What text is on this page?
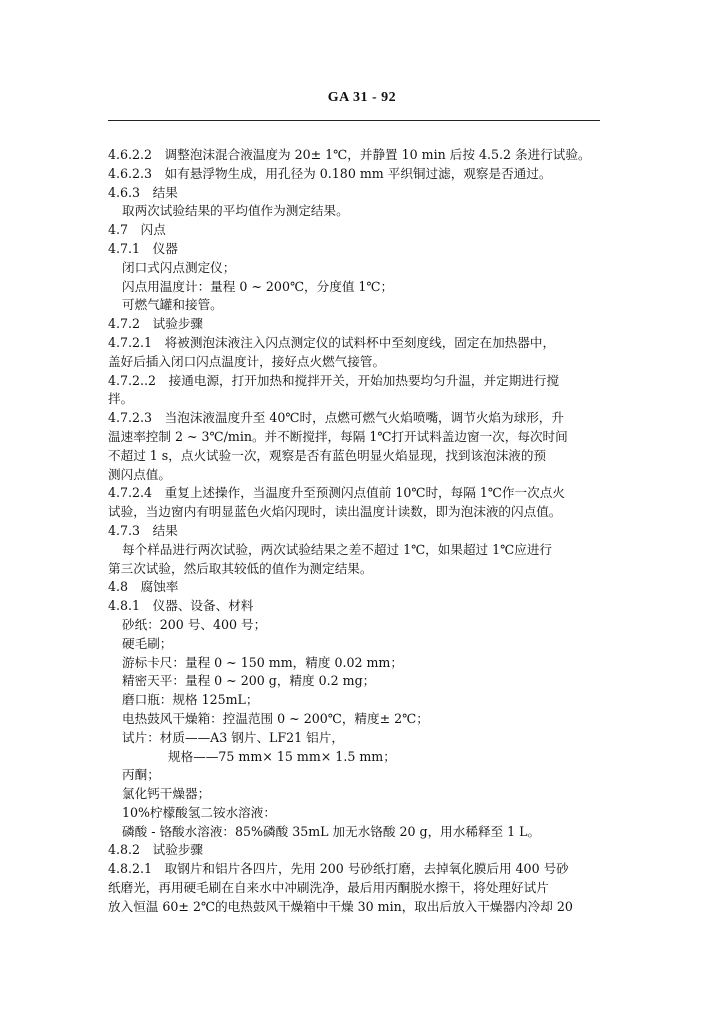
GA 31 - 92
4.6.2.2　调整泡沫混合液温度为 20± 1℃，并静置 10 min 后按 4.5.2 条进行试验。
4.6.2.3　如有悬浮物生成，用孔径为 0.180 mm 平织铜过滤，观察是否通过。
4.6.3　结果
取两次试验结果的平均值作为测定结果。
4.7　闪点
4.7.1　仪器
闭口式闪点测定仪；
闪点用温度计：量程 0 ~ 200℃，分度值 1℃；
可燃气罐和接管。
4.7.2　试验步骤
4.7.2.1　将被测泡沫液注入闪点测定仪的试料杯中至刻度线，固定在加热器中，
盖好后插入闭口闪点温度计，接好点火燃气接管。
4.7.2..2　接通电源，打开加热和搅拌开关，开始加热要均匀升温，并定期进行搅
拌。
4.7.2.3　当泡沫液温度升至 40℃时，点燃可燃气火焰喷嘴，调节火焰为球形，升
温速率控制 2 ~ 3℃/min。并不断搅拌，每隔 1℃打开试料盖边窗一次，每次时间
不超过 1 s，点火试验一次，观察是否有蓝色明显火焰显现，找到该泡沫液的预
测闪点值。
4.7.2.4　重复上述操作，当温度升至预测闪点值前 10℃时，每隔 1℃作一次点火
试验，当边窗内有明显蓝色火焰闪现时，读出温度计读数，即为泡沫液的闪点值。
4.7.3　结果
每个样品进行两次试验，两次试验结果之差不超过 1℃，如果超过 1℃应进行
第三次试验，然后取其较低的值作为测定结果。
4.8　腐蚀率
4.8.1　仪器、设备、材料
砂纸：200 号、400 号；
硬毛刷；
游标卡尺：量程 0 ~ 150 mm，精度 0.02 mm；
精密天平：量程 0 ~ 200 g，精度 0.2 mg；
磨口瓶：规格 125mL；
电热鼓风干燥箱：控温范围 0 ~ 200℃，精度± 2℃；
试片：材质——A3 钢片、LF21 铝片，
规格——75 mm× 15 mm× 1.5 mm；
丙酮；
氯化钙干燥器；
10%柠檬酸氢二铵水溶液：
磷酸 - 铬酸水溶液：85%磷酸 35mL 加无水铬酸 20 g，用水稀释至 1 L。
4.8.2　试验步骤
4.8.2.1　取钢片和铝片各四片，先用 200 号砂纸打磨，去掉氧化膜后用 400 号砂
纸磨光，再用硬毛刷在自来水中冲刷洗净，最后用丙酮脱水擦干，将处理好试片
放入恒温 60± 2℃的电热鼓风干燥箱中干燥 30 min，取出后放入干燥器内冷却 20
